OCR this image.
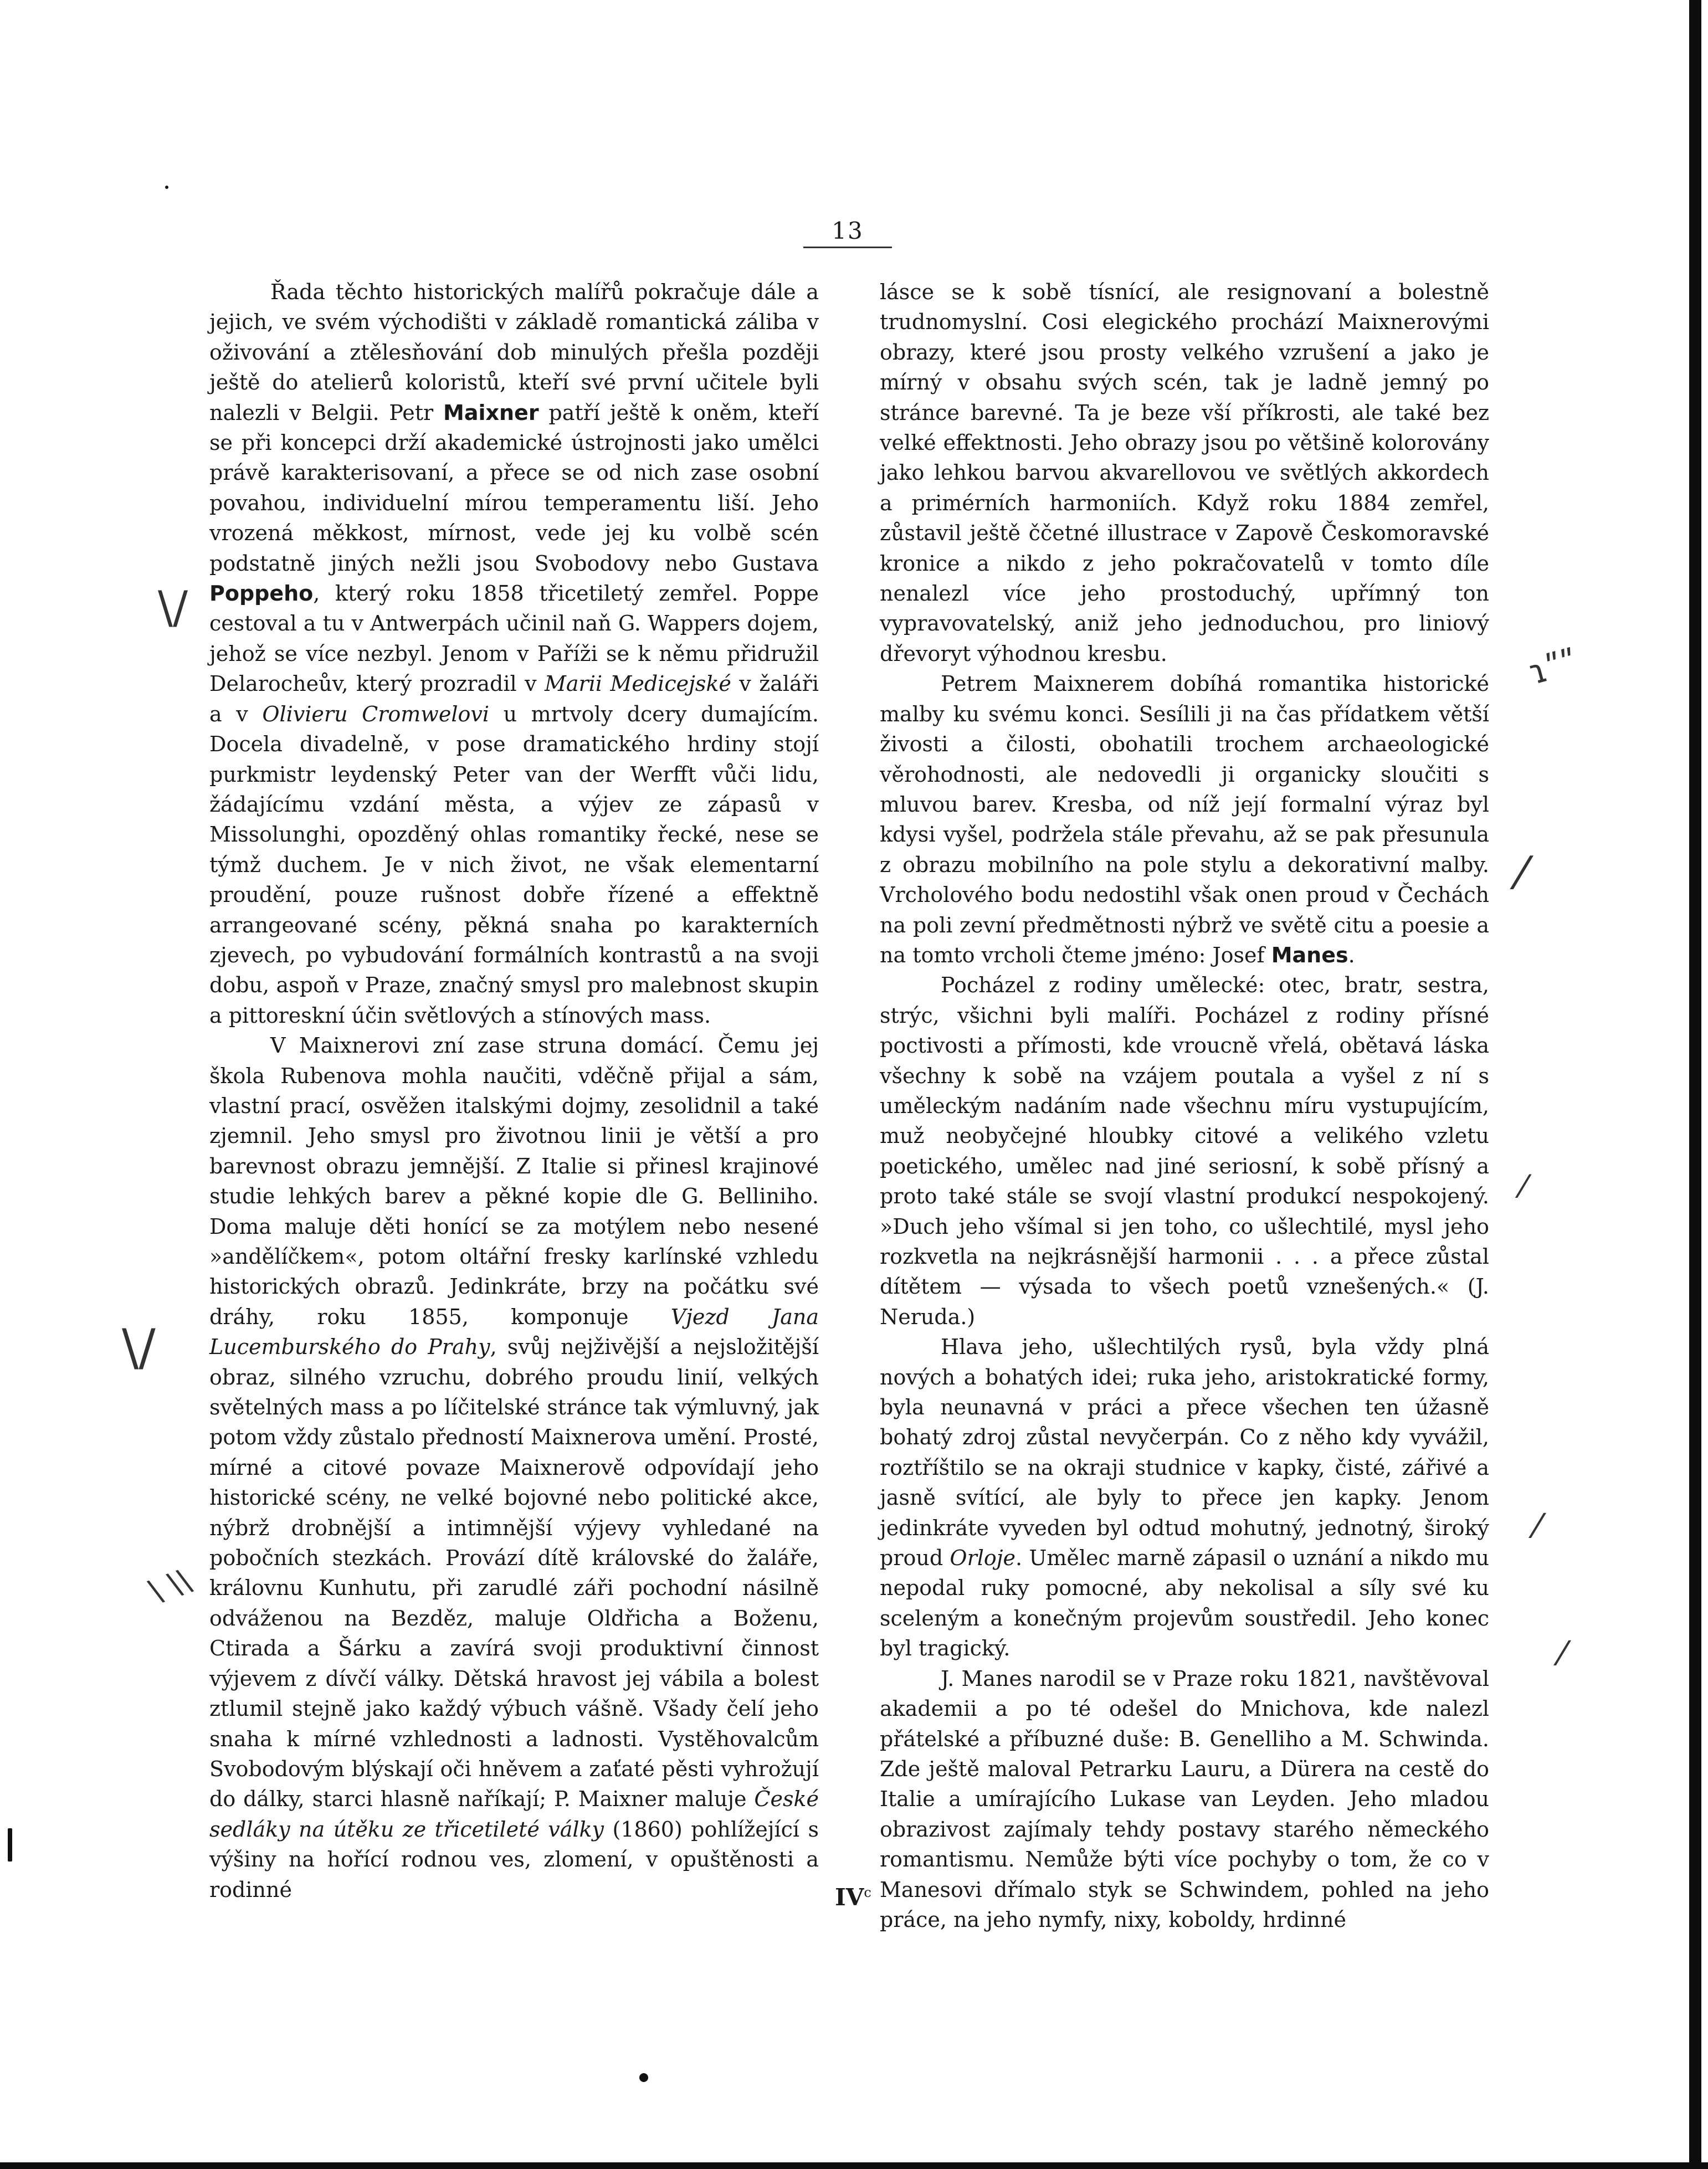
13

Řada těchto historických malířů pokračuje dále a jejich, ve svém východišti v základě romantická záliba v oživování a ztělesňování dob minulých přešla později ještě do atelierů koloristů, kteří své první učitele byli nalezli v Belgii. Petr Maixner patří ještě k oněm, kteří se při koncepci drží akademické ústrojnosti jako umělci právě karakterisovaní, a přece se od nich zase osobní povahou, individuelní mírou temperamentu liší. Jeho vrozená měkkost, mírnost, vede jej ku volbě scén podstatně jiných nežli jsou Svobodovy nebo Gustava Poppeho, který roku 1858 třicetiletý zemřel. Poppe cestoval a tu v Antwerpách učinil naň G. Wappers dojem, jehož se více nezbyl. Jenom v Paříži se k němu přidružil Delarocheův, který prozradil v Marii Medicejské v žaláři a v Olivieru Cromwelovi u mrtvoly dcery dumajícím. Docela divadelně, v pose dramatického hrdiny stojí purkmistr leydenský Peter van der Werfft vůči lidu, žádajícímu vzdání města, a výjev ze zápasů v Missolunghi, opozděný ohlas romantiky řecké, nese se týmž duchem. Je v nich život, ne však elementarní proudění, pouze rušnost dobře řízené a effektně arrangeované scény, pěkná snaha po karakterních zjevech, po vybudování formálních kontrastů a na svoji dobu, aspoň v Praze, značný smysl pro malebnost skupin a pittoreskní účin světlových a stínových mass.

V Maixnerovi zní zase struna domácí. Čemu jej škola Rubenova mohla naučiti, vděčně přijal a sám, vlastní prací, osvěžen italskými dojmy, zesolidnil a také zjemnil. Jeho smysl pro životnou linii je větší a pro barevnost obrazu jemnější. Z Italie si přinesl krajinové studie lehkých barev a pěkné kopie dle G. Belliniho. Doma maluje děti honící se za motýlem nebo nesené »andělíčkem«, potom oltářní fresky karlínské vzhledu historických obrazů. Jedinkráte, brzy na počátku své dráhy, roku 1855, komponuje Vjezd Jana Lucemburského do Prahy, svůj nejživější a nejsložitější obraz, silného vzruchu, dobrého proudu linií, velkých světelných mass a po líčitelské stránce tak výmluvný, jak potom vždy zůstalo předností Maixnerova umění. Prosté, mírné a citové povaze Maixnerově odpovídají jeho historické scény, ne velké bojovné nebo politické akce, nýbrž drobnější a intimnější výjevy vyhledané na pobočních stezkách. Provází dítě královské do žaláře, královnu Kunhutu, při zarudlé záři pochodní násilně odváženou na Bezděz, maluje Oldřicha a Boženu, Ctirada a Šárku a zavírá svoji produktivní činnost výjevem z dívčí války. Dětská hravost jej vábila a bolest ztlumil stejně jako každý výbuch vášně. Všady čelí jeho snaha k mírné vzhlednosti a ladnosti. Vystěhovalcům Svobodovým blýskají oči hněvem a zaťaté pěsti vyhrožují do dálky, starci hlasně naříkají; P. Maixner maluje České sedláky na útěku ze třicetileté války (1860) pohlížející s výšiny na hořící rodnou ves, zlomení, v opuštěnosti a rodinné

lásce se k sobě tísnící, ale resignovaní a bolestně trudnomyslní. Cosi elegického prochází Maixnerovými obrazy, které jsou prosty velkého vzrušení a jako je mírný v obsahu svých scén, tak je ladně jemný po stránce barevné. Ta je beze vší příkrosti, ale také bez velké effektnosti. Jeho obrazy jsou po většině kolorovány jako lehkou barvou akvarellovou ve světlých akkordech a primérních harmoniích. Když roku 1884 zemřel, zůstavil ještě ččetné illustrace v Zapově Českomoravské kronice a nikdo z jeho pokračovatelů v tomto díle nenalezl více jeho prostoduchý, upřímný ton vypravovatelský, aniž jeho jednoduchou, pro liniový dřevoryt výhodnou kresbu.

Petrem Maixnerem dobíhá romantika historické malby ku svému konci. Sesílili ji na čas přídatkem větší živosti a čilosti, obohatili trochem archaeologické věrohodnosti, ale nedovedli ji organicky sloučiti s mluvou barev. Kresba, od níž její formalní výraz byl kdysi vyšel, podržela stále převahu, až se pak přesunula z obrazu mobilního na pole stylu a dekorativní malby. Vrcholového bodu nedostihl však onen proud v Čechách na poli zevní předmětnosti nýbrž ve světě citu a poesie a na tomto vrcholi čteme jméno: Josef Manes.

Pocházel z rodiny umělecké: otec, bratr, sestra, strýc, všichni byli malíři. Pocházel z rodiny přísné poctivosti a přímosti, kde vroucně vřelá, obětavá láska všechny k sobě na vzájem poutala a vyšel z ní s uměleckým nadáním nade všechnu míru vystupujícím, muž neobyčejné hloubky citové a velikého vzletu poetického, umělec nad jiné seriosní, k sobě přísný a proto také stále se svojí vlastní produkcí nespokojený. »Duch jeho všímal si jen toho, co ušlechtilé, mysl jeho rozkvetla na nejkrásnější harmonii . . . a přece zůstal dítětem — výsada to všech poetů vznešených.« (J. Neruda.)

Hlava jeho, ušlechtilých rysů, byla vždy plná nových a bohatých idei; ruka jeho, aristokratické formy, byla neunavná v práci a přece všechen ten úžasně bohatý zdroj zůstal nevyčerpán. Co z něho kdy vyvážil, roztříštilo se na okraji studnice v kapky, čisté, zářivé a jasně svítící, ale byly to přece jen kapky. Jenom jedinkráte vyveden byl odtud mohutný, jednotný, široký proud Orloje. Umělec marně zápasil o uznání a nikdo mu nepodal ruky pomocné, aby nekolisal a síly své ku sceleným a konečným projevům soustředil. Jeho konec byl tragický.

J. Manes narodil se v Praze roku 1821, navštěvoval akademii a po té odešel do Mnichova, kde nalezl přátelské a příbuzné duše: B. Genelliho a M. Schwinda. Zde ještě maloval Petrarku Lauru, a Dürera na cestě do Italie a umírajícího Lukase van Leyden. Jeho mladou obrazivost zajímaly tehdy postavy starého německého romantismu. Nemůže býti více pochyby o tom, že co v Manesovi dřímalo styk se Schwindem, pohled na jeho práce, na jeho nymfy, nixy, koboldy, hrdinné

$IV^c$
\/
\/
\ \\
ɿʺʺ
⁄
⁄
⁄
⁄
